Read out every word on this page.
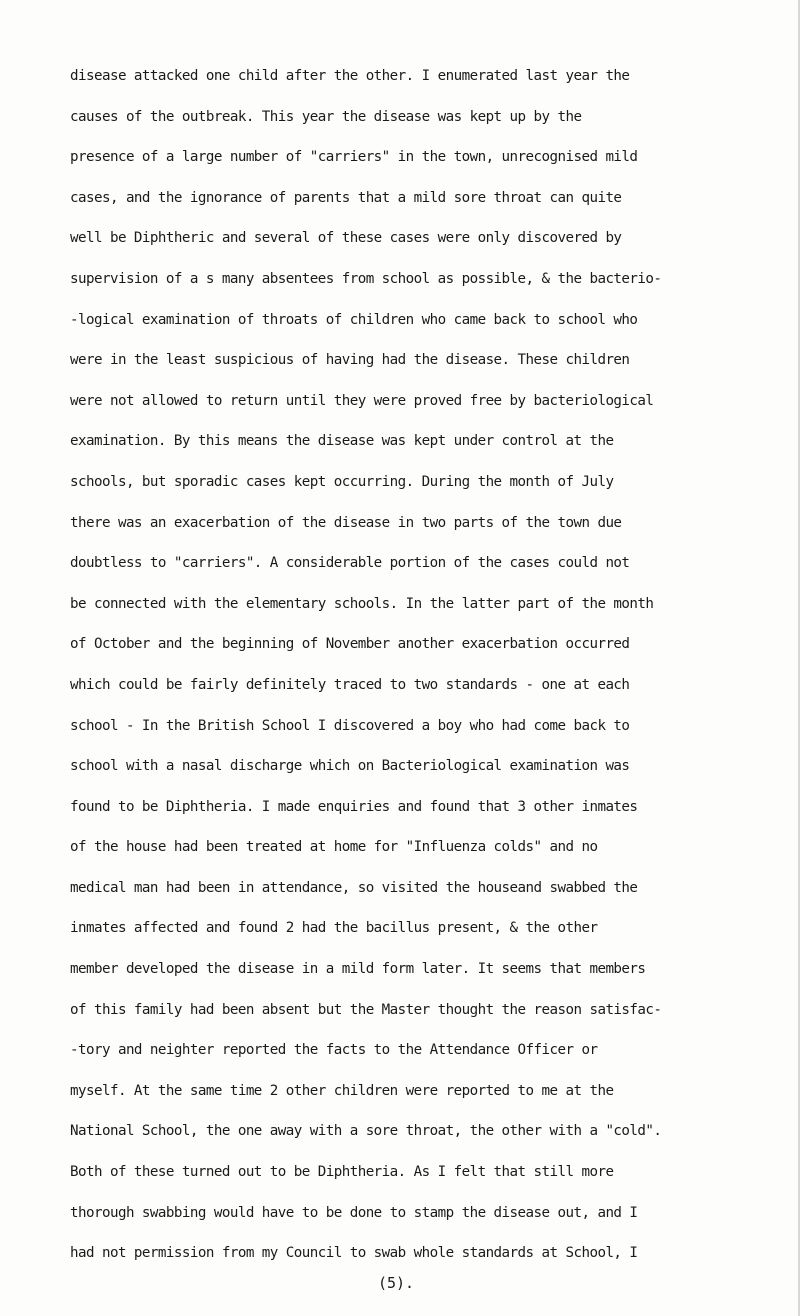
disease attacked one child after the other. I enumerated last year the
causes of the outbreak. This year the disease was kept up by the
presence of a large number of "carriers" in the town, unrecognised mild
cases, and the ignorance of parents that a mild sore throat can quite
well be Diphtheric and several of these cases were only discovered by
supervision of a s many absentees from school as possible, & the bacterio-
-logical examination of throats of children who came back to school who
were in the least suspicious of having had the disease. These children
were not allowed to return until they were proved free by bacteriological
examination. By this means the disease was kept under control at the
schools, but sporadic cases kept occurring. During the month of July
there was an exacerbation of the disease in two parts of the town due
doubtless to "carriers". A considerable portion of the cases could not
be connected with the elementary schools. In the latter part of the month
of October and the beginning of November another exacerbation occurred
which could be fairly definitely traced to two standards - one at each
school - In the British School I discovered a boy who had come back to
school with a nasal discharge which on Bacteriological examination was
found to be Diphtheria. I made enquiries and found that 3 other inmates
of the house had been treated at home for "Influenza colds" and no
medical man had been in attendance, so visited the houseand swabbed the
inmates affected and found 2 had the bacillus present, & the other
member developed the disease in a mild form later. It seems that members
of this family had been absent but the Master thought the reason satisfac-
-tory and neighter reported the facts to the Attendance Officer or
myself. At the same time 2 other children were reported to me at the
National School, the one away with a sore throat, the other with a "cold".
Both of these turned out to be Diphtheria. As I felt that still more
thorough swabbing would have to be done to stamp the disease out, and I
had not permission from my Council to swab whole standards at School, I
(5).
